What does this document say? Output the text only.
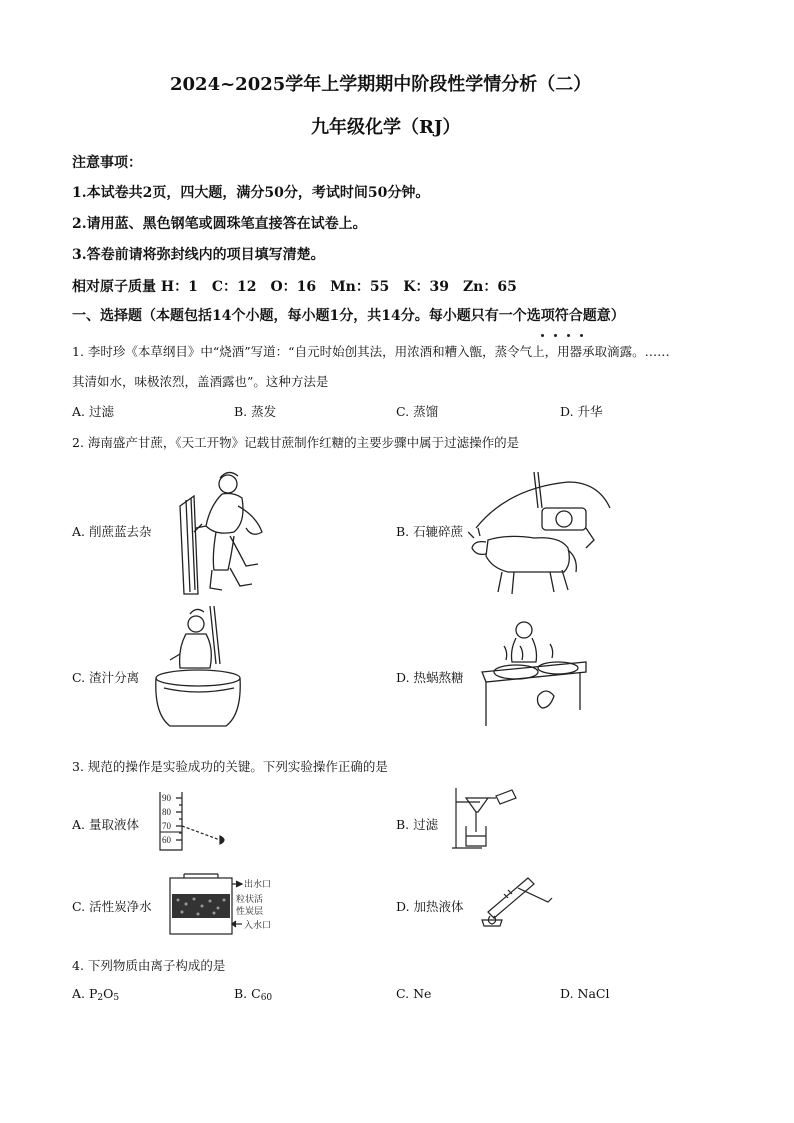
2024~2025学年上学期期中阶段性学情分析（二）
九年级化学（RJ）
注意事项：
1.本试卷共2页，四大题，满分50分，考试时间50分钟。
2.请用蓝、黑色钢笔或圆珠笔直接答在试卷上。
3.答卷前请将弥封线内的项目填写清楚。
相对原子质量 H：1　C：12　O：16　Mn：55　K：39　Zn：65
一、选择题（本题包括14个小题，每小题1分，共14分。每小题只有一个选项符合题意）
1. 李时珍《本草纲目》中“烧酒”写道：“自元时始创其法，用浓酒和糟入甑，蒸令气上，用器承取滴露。……
其清如水，味极浓烈，盖酒露也”。这种方法是
A. 过滤	B. 蒸发	C. 蒸馏	D. 升华
2. 海南盛产甘蔗，《天工开物》记载甘蔗制作红糖的主要步骤中属于过滤操作的是
A. 削蔗蓝去杂	B. 石辘碎蔗
C. 渣汁分离	D. 热蜗熬糖
3. 规范的操作是实验成功的关键。下列实验操作正确的是
A. 量取液体
90
80
70
60
B. 过滤
C. 活性炭净水
出水口
粒状活
性炭层
入水口
D. 加热液体
4. 下列物质由离子构成的是
A. $P_2O_5$	B. $C_{60}$	C. Ne	D. NaCl
